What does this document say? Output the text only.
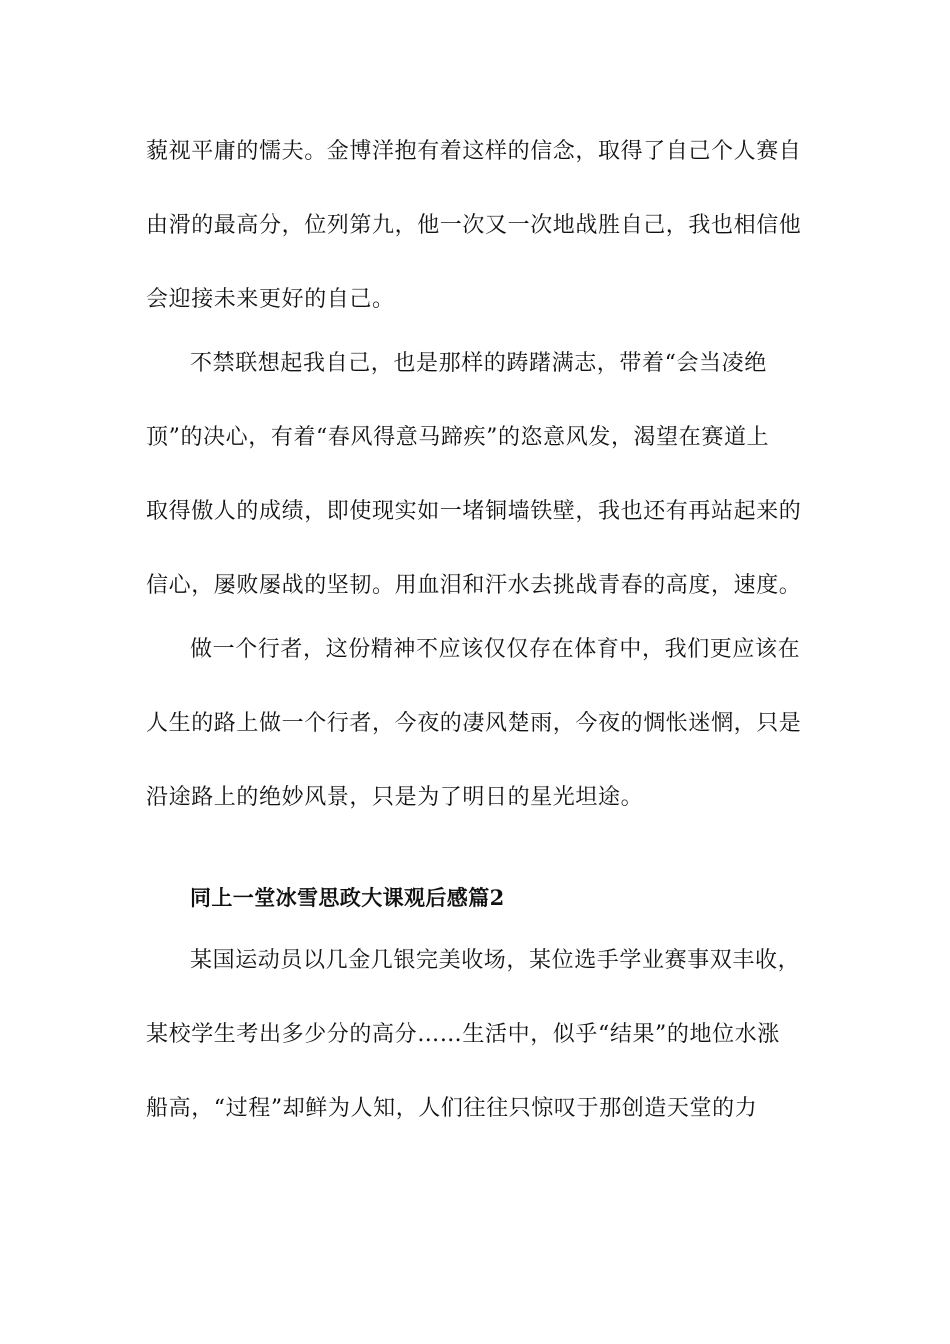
藐视平庸的懦夫。金博洋抱有着这样的信念，取得了自己个人赛自
由滑的最高分，位列第九，他一次又一次地战胜自己，我也相信他
会迎接未来更好的自己。
不禁联想起我自己，也是那样的踌躇满志，带着“会当凌绝
顶”的决心，有着“春风得意马蹄疾”的恣意风发，渴望在赛道上
取得傲人的成绩，即使现实如一堵铜墙铁壁，我也还有再站起来的
信心，屡败屡战的坚韧。用血泪和汗水去挑战青春的高度，速度。
做一个行者，这份精神不应该仅仅存在体育中，我们更应该在
人生的路上做一个行者，今夜的凄风楚雨，今夜的惆怅迷惘，只是
沿途路上的绝妙风景，只是为了明日的星光坦途。
同上一堂冰雪思政大课观后感篇2
某国运动员以几金几银完美收场，某位选手学业赛事双丰收，
某校学生考出多少分的高分……生活中，似乎“结果”的地位水涨
船高，“过程”却鲜为人知，人们往往只惊叹于那创造天堂的力
